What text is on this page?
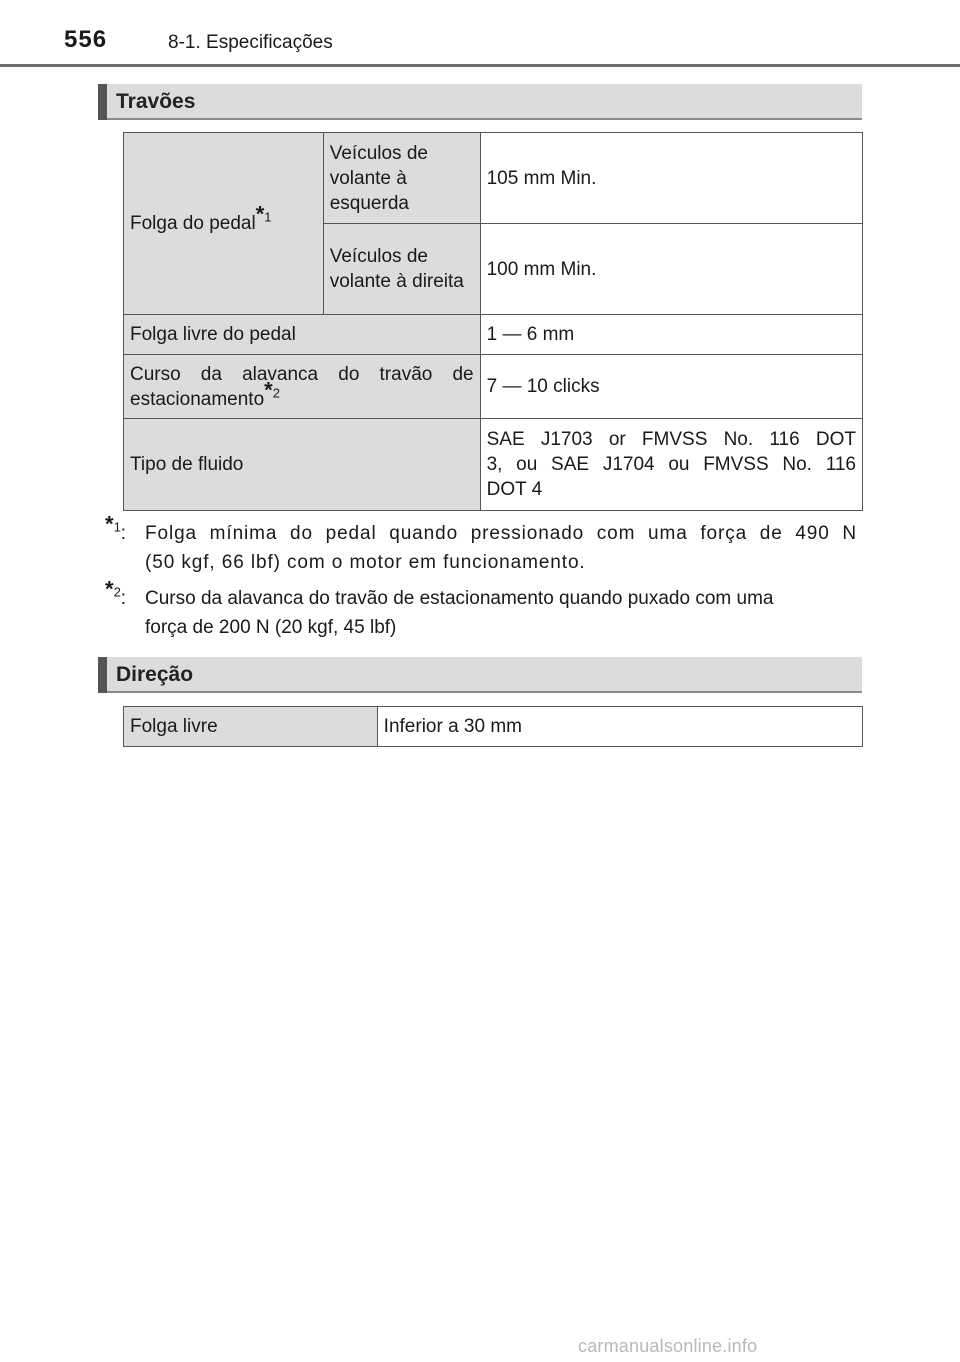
556	8-1. Especificações
Travões
Folga do pedal*$^1$	Veículos de volante à esquerda	105 mm Min.
	Veículos de volante à direita	100 mm Min.
Folga livre do pedal		1 — 6 mm

Curso da alavanca do travão de
estacionamento*$^2$		7 — 10 clicks
Tipo de fluido		SAE J1703 or FMVSS No. 116 DOT
3, ou SAE J1704 ou FMVSS No. 116
DOT 4
*$^1$: Folga mínima do pedal quando pressionado com uma força de 490 N
(50 kgf, 66 lbf) com o motor em funcionamento.
*$^2$: Curso da alavanca do travão de estacionamento quando puxado com uma
força de 200 N (20 kgf, 45 lbf)
Direção
Folga livre	Inferior a 30 mm
carmanualsonline.info
